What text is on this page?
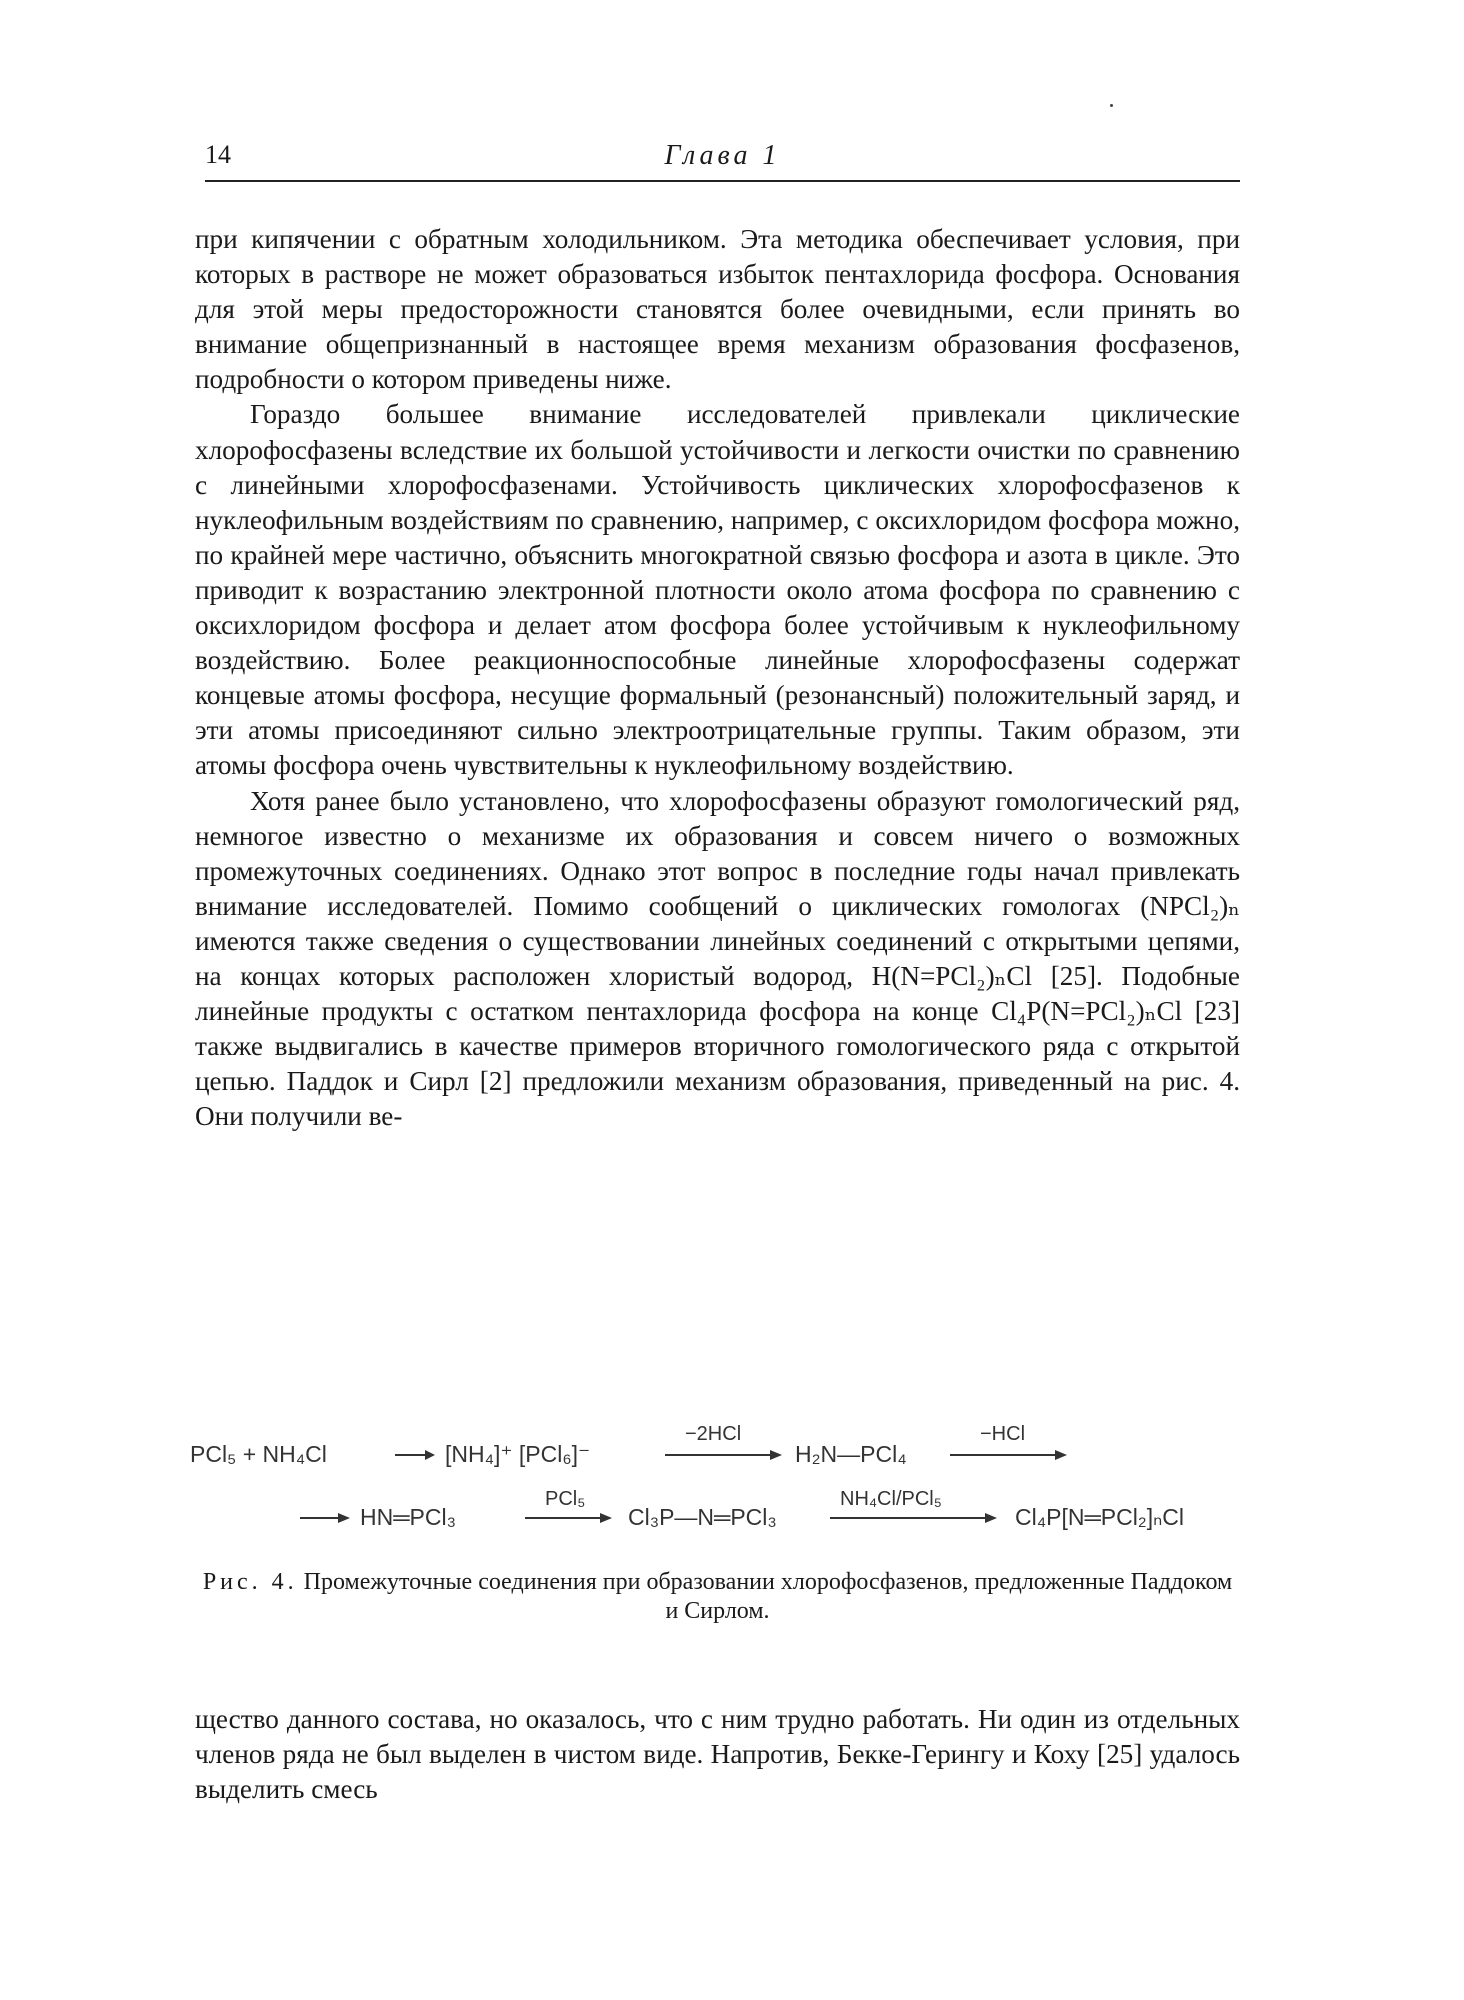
14	Глава 1

при кипячении с обратным холодильником. Эта методика обеспечивает условия, при которых в растворе не может образоваться избыток пентахлорида фосфора. Основания для этой меры предосторожности становятся более очевидными, если принять во внимание общепризнанный в настоящее время механизм образования фосфазенов, подробности о котором приведены ниже.

Гораздо большее внимание исследователей привлекали циклические хлорофосфазены вследствие их большой устойчивости и легкости очистки по сравнению с линейными хлорофосфазенами. Устойчивость циклических хлорофосфазенов к нуклеофильным воздействиям по сравнению, например, с оксихлоридом фосфора можно, по крайней мере частично, объяснить многократной связью фосфора и азота в цикле. Это приводит к возрастанию электронной плотности около атома фосфора по сравнению с оксихлоридом фосфора и делает атом фосфора более устойчивым к нуклеофильному воздействию. Более реакционноспособные линейные хлорофосфазены содержат концевые атомы фосфора, несущие формальный (резонансный) положительный заряд, и эти атомы присоединяют сильно электроотрицательные группы. Таким образом, эти атомы фосфора очень чувствительны к нуклеофильному воздействию.

Хотя ранее было установлено, что хлорофосфазены образуют гомологический ряд, немногое известно о механизме их образования и совсем ничего о возможных промежуточных соединениях. Однако этот вопрос в последние годы начал привлекать внимание исследователей. Помимо сообщений о циклических гомологах (NPCl₂)ₙ имеются также сведения о существовании линейных соединений с открытыми цепями, на концах которых расположен хлористый водород, H(N=PCl₂)ₙCl [25]. Подобные линейные продукты с остатком пентахлорида фосфора на конце Cl₄P(N=PCl₂)ₙCl [23] также выдвигались в качестве примеров вторичного гомологического ряда с открытой цепью. Паддок и Сирл [2] предложили механизм образования, приведенный на рис. 4. Они получили ве-

PCl₅ + NH₄Cl	[NH₄]⁺ [PCl₆]⁻
−2HCl
H₂N—PCl₄
−HCl
HN═PCl₃
PCl₅
Cl₃P—N═PCl₃
NH₄Cl/PCl₅
Cl₄P[N═PCl₂]ₙCl
Рис. 4. Промежуточные соединения при образовании хлорофосфазенов, предложенные Паддоком и Сирлом.

щество данного состава, но оказалось, что с ним трудно работать. Ни один из отдельных членов ряда не был выделен в чистом виде. Напротив, Бекке-Герингу и Коху [25] удалось выделить смесь
